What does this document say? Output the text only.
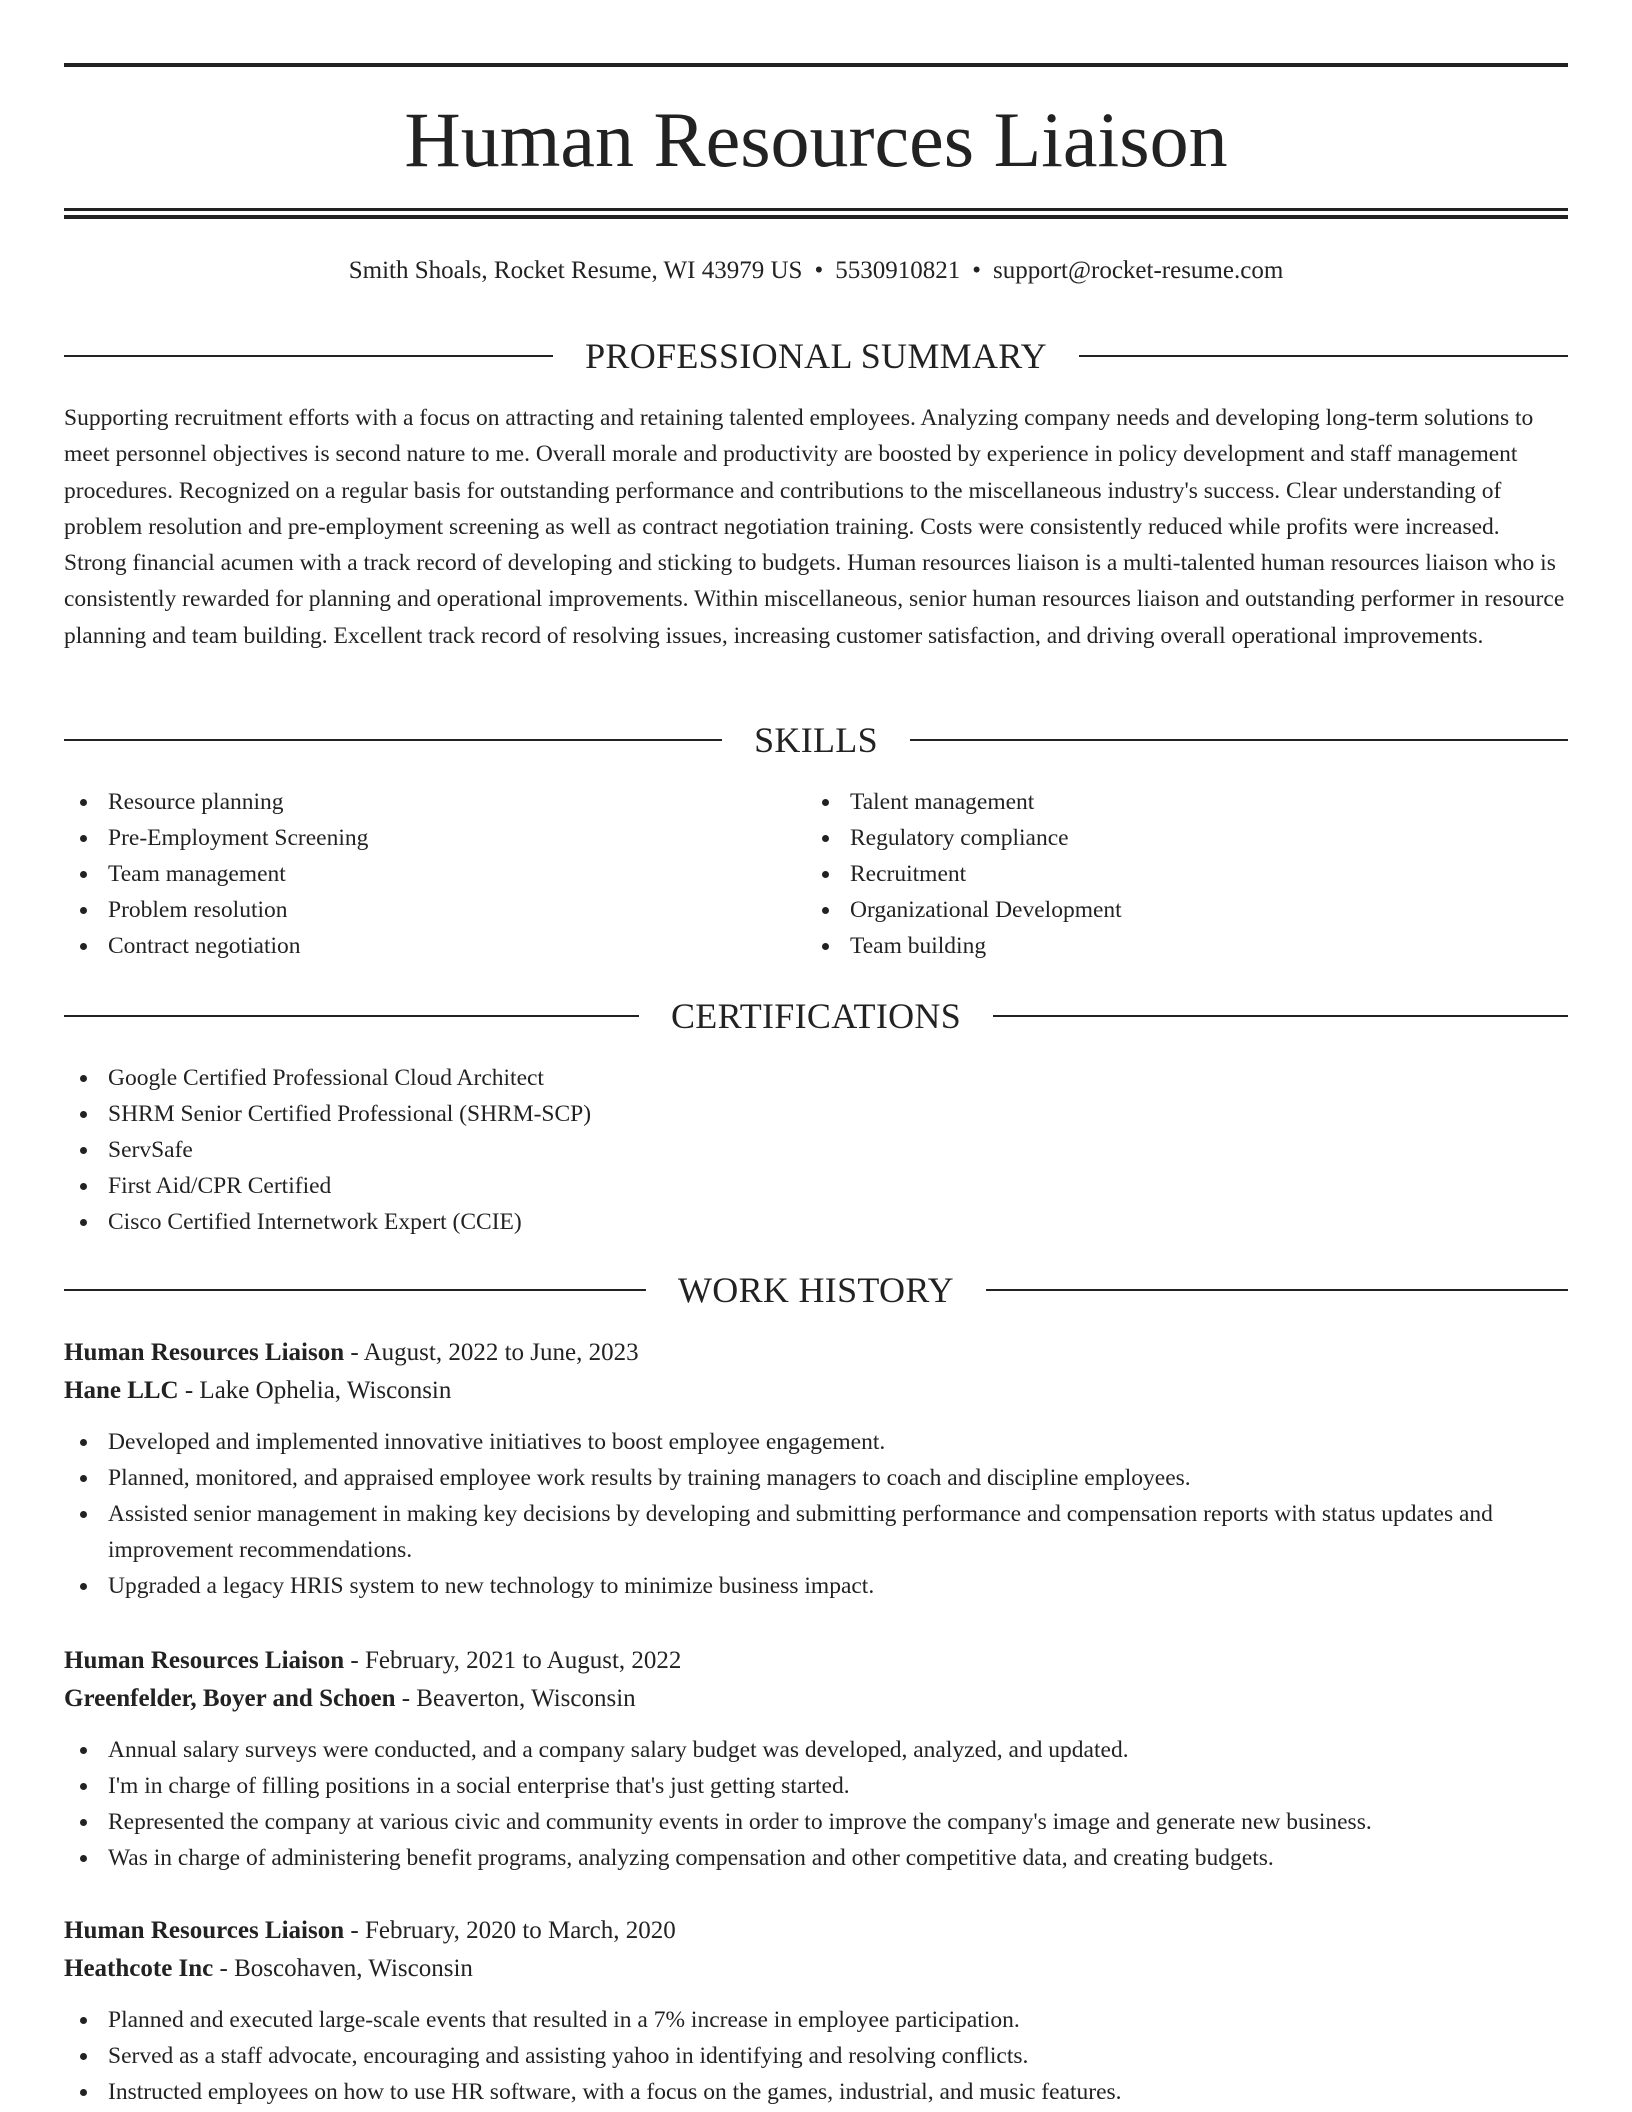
Human Resources Liaison
Smith Shoals, Rocket Resume, WI 43979 US • 5530910821 • support@rocket-resume.com
PROFESSIONAL SUMMARY

Supporting recruitment efforts with a focus on attracting and retaining talented employees. Analyzing company needs and developing long-term solutions to meet personnel objectives is second nature to me. Overall morale and productivity are boosted by experience in policy development and staff management procedures. Recognized on a regular basis for outstanding performance and contributions to the miscellaneous industry's success. Clear understanding of problem resolution and pre-employment screening as well as contract negotiation training. Costs were consistently reduced while profits were increased. Strong financial acumen with a track record of developing and sticking to budgets. Human resources liaison is a multi-talented human resources liaison who is consistently rewarded for planning and operational improvements. Within miscellaneous, senior human resources liaison and outstanding performer in resource planning and team building. Excellent track record of resolving issues, increasing customer satisfaction, and driving overall operational improvements.

SKILLS
Resource planning
Pre-Employment Screening
Team management
Problem resolution
Contract negotiation
Talent management
Regulatory compliance
Recruitment
Organizational Development
Team building
CERTIFICATIONS
Google Certified Professional Cloud Architect
SHRM Senior Certified Professional (SHRM-SCP)
ServSafe
First Aid/CPR Certified
Cisco Certified Internetwork Expert (CCIE)
WORK HISTORY
Human Resources Liaison - August, 2022 to June, 2023
Hane LLC - Lake Ophelia, Wisconsin
Developed and implemented innovative initiatives to boost employee engagement.
Planned, monitored, and appraised employee work results by training managers to coach and discipline employees.
Assisted senior management in making key decisions by developing and submitting performance and compensation reports with status updates and improvement recommendations.
Upgraded a legacy HRIS system to new technology to minimize business impact.
Human Resources Liaison - February, 2021 to August, 2022
Greenfelder, Boyer and Schoen - Beaverton, Wisconsin
Annual salary surveys were conducted, and a company salary budget was developed, analyzed, and updated.
I'm in charge of filling positions in a social enterprise that's just getting started.
Represented the company at various civic and community events in order to improve the company's image and generate new business.
Was in charge of administering benefit programs, analyzing compensation and other competitive data, and creating budgets.
Human Resources Liaison - February, 2020 to March, 2020
Heathcote Inc - Boscohaven, Wisconsin
Planned and executed large-scale events that resulted in a 7% increase in employee participation.
Served as a staff advocate, encouraging and assisting yahoo in identifying and resolving conflicts.
Instructed employees on how to use HR software, with a focus on the games, industrial, and music features.
